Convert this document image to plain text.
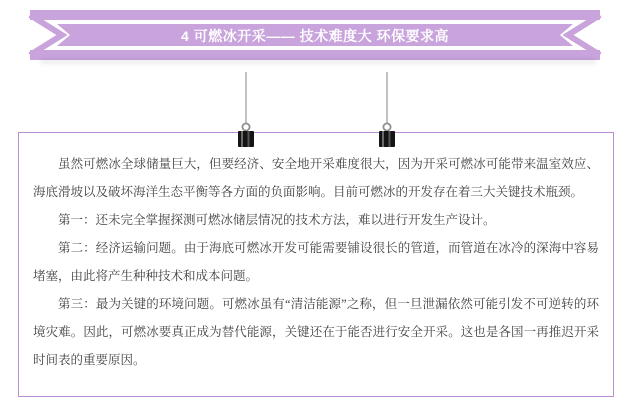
4 可燃冰开采—— 技术难度大 环保要求高

虽然可燃冰全球储量巨大，但要经济、安全地开采难度很大，因为开采可燃冰可能带来温室效应、海底滑坡以及破坏海洋生态平衡等各方面的负面影响。目前可燃冰的开发存在着三大关键技术瓶颈。

第一：还未完全掌握探测可燃冰储层情况的技术方法，难以进行开发生产设计。

第二：经济运输问题。由于海底可燃冰开发可能需要铺设很长的管道，而管道在冰冷的深海中容易堵塞，由此将产生种种技术和成本问题。

第三：最为关键的环境问题。可燃冰虽有“清洁能源”之称，但一旦泄漏依然可能引发不可逆转的环境灾难。因此，可燃冰要真正成为替代能源，关键还在于能否进行安全开采。这也是各国一再推迟开采时间表的重要原因。
